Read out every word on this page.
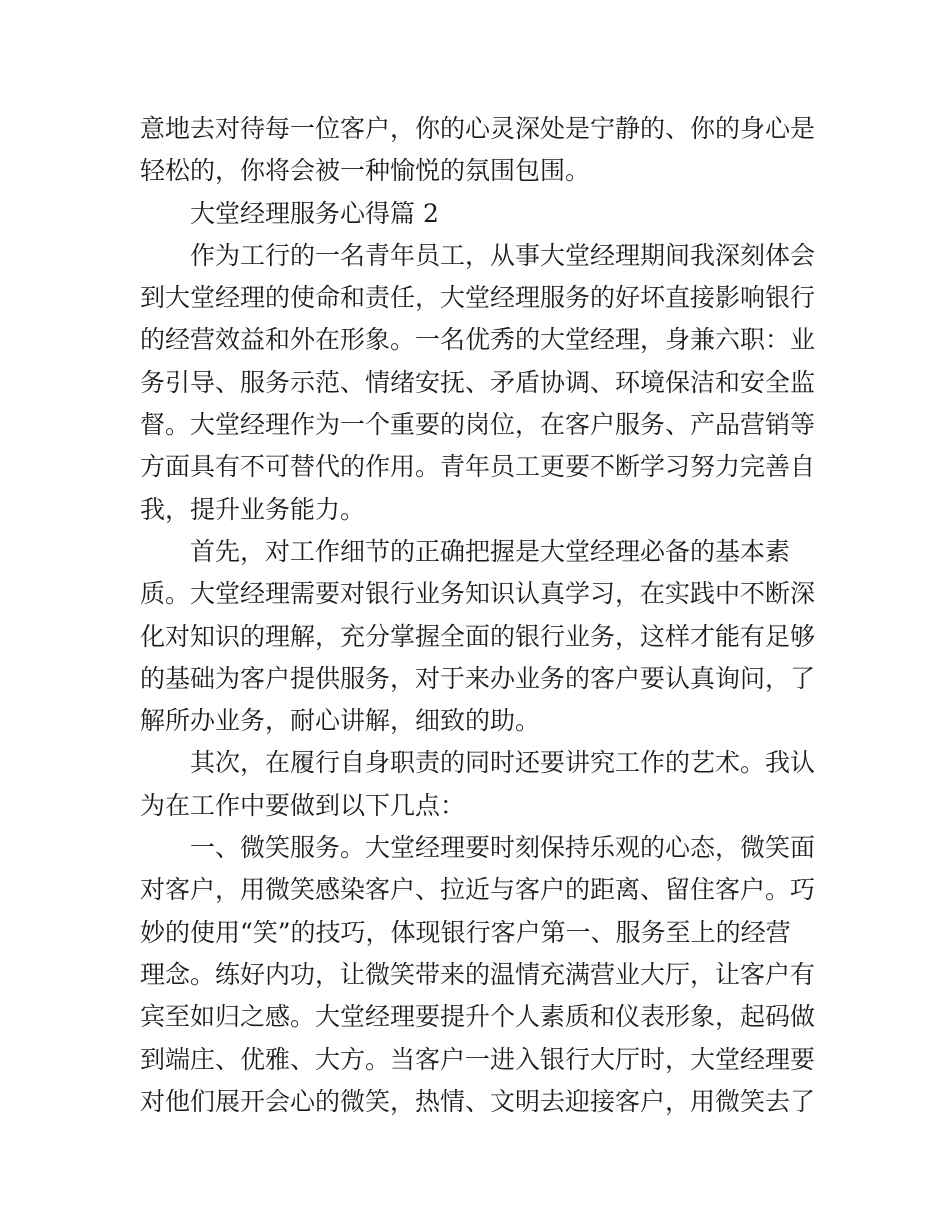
意地去对待每一位客户，你的心灵深处是宁静的、你的身心是
轻松的，你将会被一种愉悦的氛围包围。
大堂经理服务心得篇 2
作为工行的一名青年员工，从事大堂经理期间我深刻体会
到大堂经理的使命和责任，大堂经理服务的好坏直接影响银行
的经营效益和外在形象。一名优秀的大堂经理，身兼六职：业
务引导、服务示范、情绪安抚、矛盾协调、环境保洁和安全监
督。大堂经理作为一个重要的岗位，在客户服务、产品营销等
方面具有不可替代的作用。青年员工更要不断学习努力完善自
我，提升业务能力。
首先，对工作细节的正确把握是大堂经理必备的基本素
质。大堂经理需要对银行业务知识认真学习，在实践中不断深
化对知识的理解，充分掌握全面的银行业务，这样才能有足够
的基础为客户提供服务，对于来办业务的客户要认真询问，了
解所办业务，耐心讲解，细致的助。
其次，在履行自身职责的同时还要讲究工作的艺术。我认
为在工作中要做到以下几点：
一、微笑服务。大堂经理要时刻保持乐观的心态，微笑面
对客户，用微笑感染客户、拉近与客户的距离、留住客户。巧
妙的使用“笑”的技巧，体现银行客户第一、服务至上的经营
理念。练好内功，让微笑带来的温情充满营业大厅，让客户有
宾至如归之感。大堂经理要提升个人素质和仪表形象，起码做
到端庄、优雅、大方。当客户一进入银行大厅时，大堂经理要
对他们展开会心的微笑，热情、文明去迎接客户，用微笑去了
